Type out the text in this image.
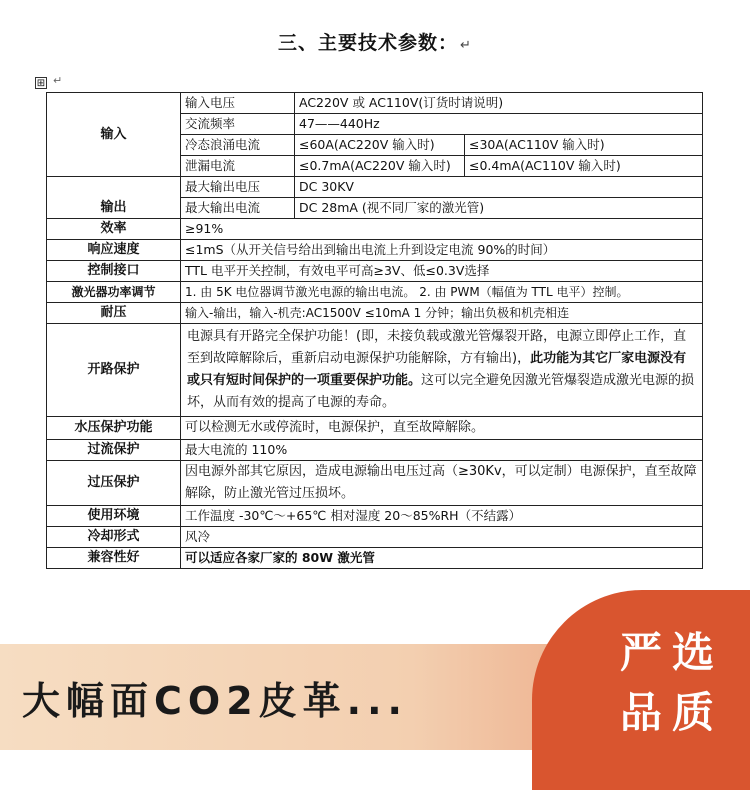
三、主要技术参数： ↵
⊞ ↵
输入	输入电压	AC220V 或 AC110V(订货时请说明)	
	交流频率	47——440Hz	
	冷态浪涌电流	≤60A(AC220V 输入时)	≤30A(AC110V 输入时)
	泄漏电流	≤0.7mA(AC220V 输入时)	≤0.4mA(AC110V 输入时)

输出	最大输出电压	DC 30KV	
	最大输出电流	DC 28mA (视不同厂家的激光管)	
效率	≥91%		
响应速度	≤1mS（从开关信号给出到输出电流上升到设定电流 90%的时间）		
控制接口	TTL 电平开关控制，有效电平可高≥3V、低≤0.3V选择		
激光器功率调节	1. 由 5K 电位器调节激光电源的输出电流。 2. 由 PWM（幅值为 TTL 电平）控制。		
耐压	输入-输出，输入-机壳:AC1500V ≤10mA 1 分钟；输出负极和机壳相连		
开路保护	电源具有开路完全保护功能！(即，未接负载或激光管爆裂开路，电源立即停止工作，直至到故障解除后，重新启动电源保护功能解除，方有输出)，此功能为其它厂家电源没有或只有短时间保护的一项重要保护功能。这可以完全避免因激光管爆裂造成激光电源的损坏，从而有效的提高了电源的寿命。		
水压保护功能	可以检测无水或停流时，电源保护，直至故障解除。		
过流保护	最大电流的 110%		
过压保护	因电源外部其它原因，造成电源输出电压过高（≥30Kv，可以定制）电源保护，直至故障解除，防止激光管过压损坏。		
使用环境	工作温度 -30℃～+65℃ 相对湿度 20～85%RH（不结露）		
冷却形式	风冷		
兼容性好	可以适应各家厂家的 80W 激光管		
大幅面CO2皮革...
严选
品质
